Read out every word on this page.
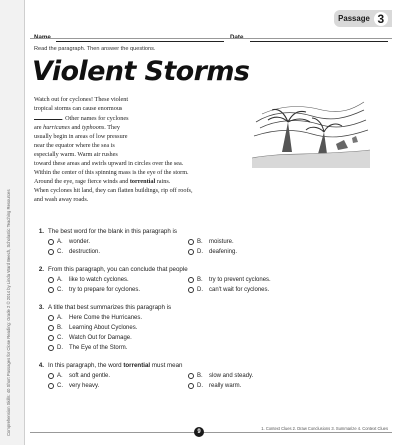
Comprehension Skills: 40 Short Passages for Close Reading: Grade 2 © 2014 by Linda Ward Beech, Scholastic Teaching Resources
Name	Date
Passage 3
Read the paragraph. Then answer the questions.
Violent Storms
Watch out for cyclones! These violent
tropical storms can cause enormous
. Other names for cyclones
are hurricanes and typhoons. They
usually begin in areas of low pressure
near the equator where the sea is
especially warm. Warm air rushes
toward these areas and swirls upward in circles over the sea.
Within the center of this spinning mass is the eye of the storm.
Around the eye, rage fierce winds and torrential rains.
When cyclones hit land, they can flatten buildings, rip off roofs,
and wash away roads.
1. The best word for the blank in this paragraph is
A.	wonder.	B.	moisture.
C.	destruction.	D.	deafening.
2. From this paragraph, you can conclude that people
A.	like to watch cyclones.	B.	try to prevent cyclones.
C.	try to prepare for cyclones.	D.	can't wait for cyclones.
3. A title that best summarizes this paragraph is
A.	Here Come the Hurricanes.
B.	Learning About Cyclones.
C.	Watch Out for Damage.
D.	The Eye of the Storm.
4. In this paragraph, the word torrential must mean
A.	soft and gentle.	B.	slow and steady.
C.	very heavy.	D.	really warm.
9
1. Context Clues 2. Draw Conclusions 3. Summarize 4. Context Clues
